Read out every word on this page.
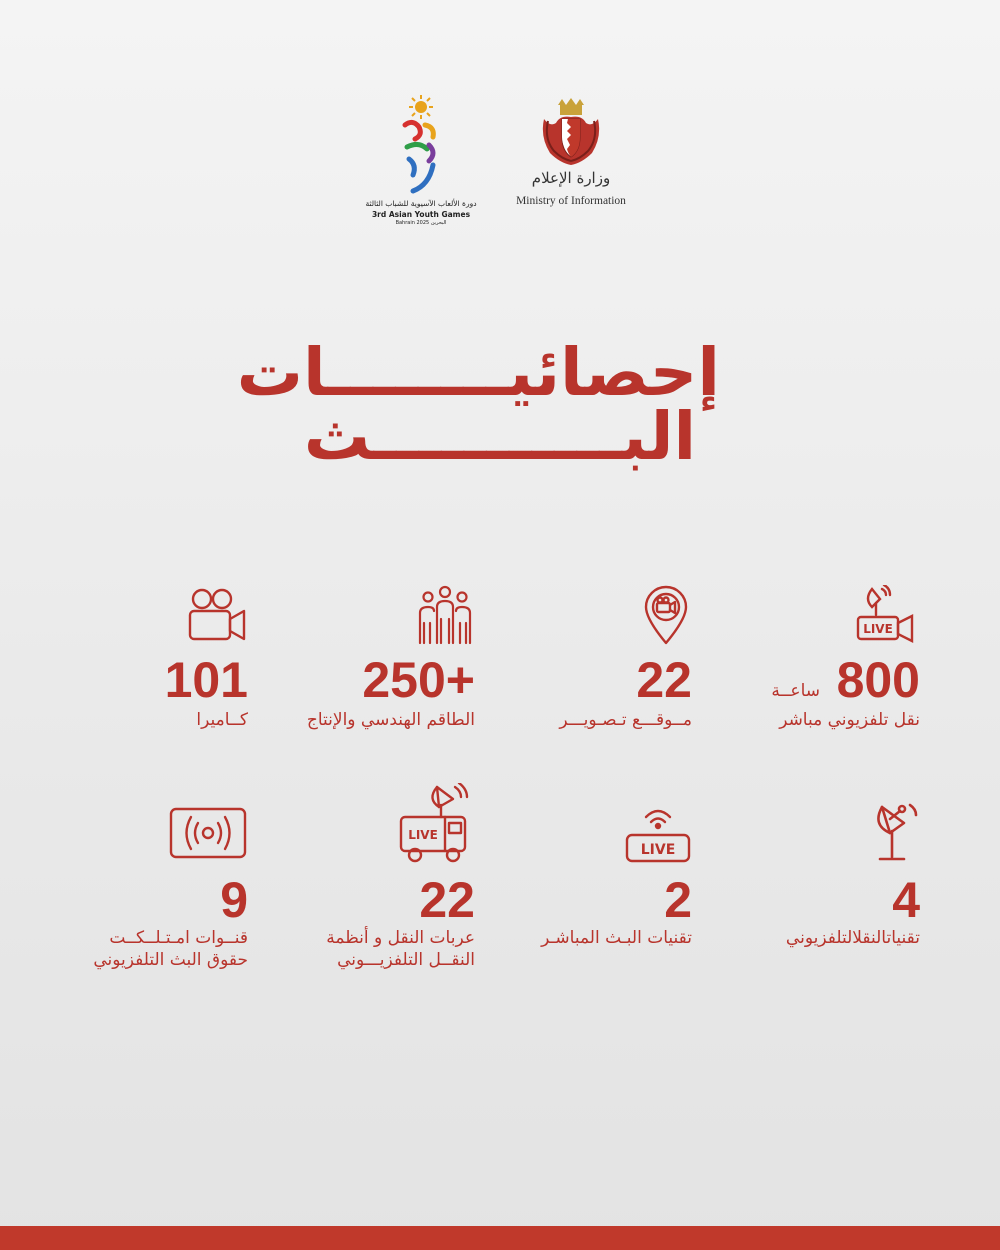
دورة الألعاب الآسيوية للشباب الثالثة
3rd Asian Youth Games
Bahrain 2025 البحرين
وزارة الإعلام
Ministry of Information
إحصائيــــــــات
البـــــــــــث
LIVE
800
ساعــة
نقل تلفزيوني مباشر
22
مــوقـــع تـصـويـــر
250+
الطاقم الهندسي والإنتاج
101
كــاميرا
4
تقنياتالنقلالتلفزيوني
LIVE
2
تقنيات البـث المباشـر
LIVE
22
عربات النقل و أنظمة
النقــل التلفزيـــوني
9
قنــوات امـتـلــكــت
حقوق البث التلفزيوني
